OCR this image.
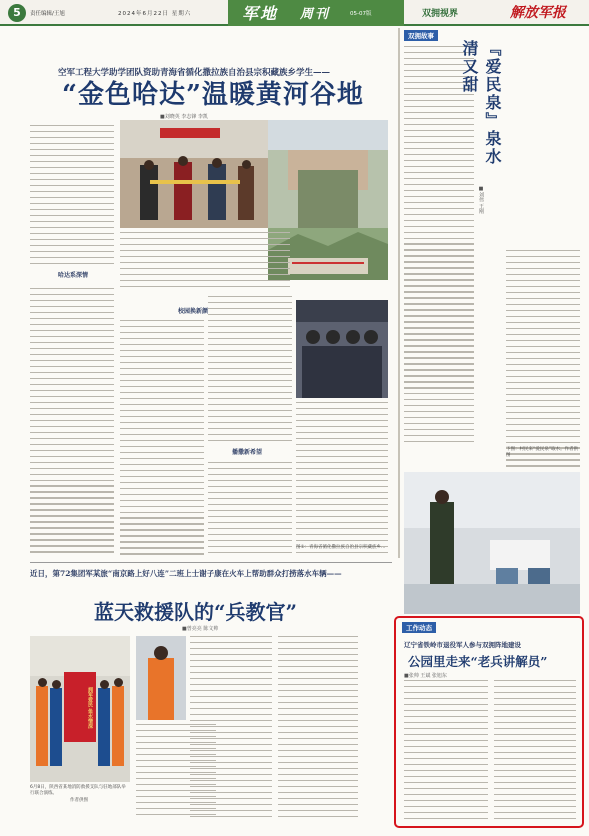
5	责任编辑/王旭	2024年6月22日 星期六	军地 周刊	05-07版	双拥视界	解放军报
空军工程大学助学团队资助青海省循化撒拉族自治县宗积藏族乡学生——
“金色哈达”温暖黄河谷地
■刘晓英 李志锋 李凯
哈达系深情
校园换新颜
播撒新希望
图①：青海省循化撒拉族自治县宗积藏族乡...
双拥故事
『爱民泉』泉水清又甜
■刘伟 王刚
下图：村民来“爱民泉”取水。作者供图
近日，第72集团军某旅“南京路上好八连”二班上士谢子康在火车上帮助群众打捞落水车辆——
蓝天救援队的“兵教官”
■曾亮亮 陈文帅
拥军爱民 鱼水情深
6月8日，陕西省某地消防救援支队与驻地部队举行联合演练。
作者供图
工作动态
辽宁省铁岭市退役军人参与双拥阵地建设
公园里走来“老兵讲解员”
■张帅 王斌 张旭东
